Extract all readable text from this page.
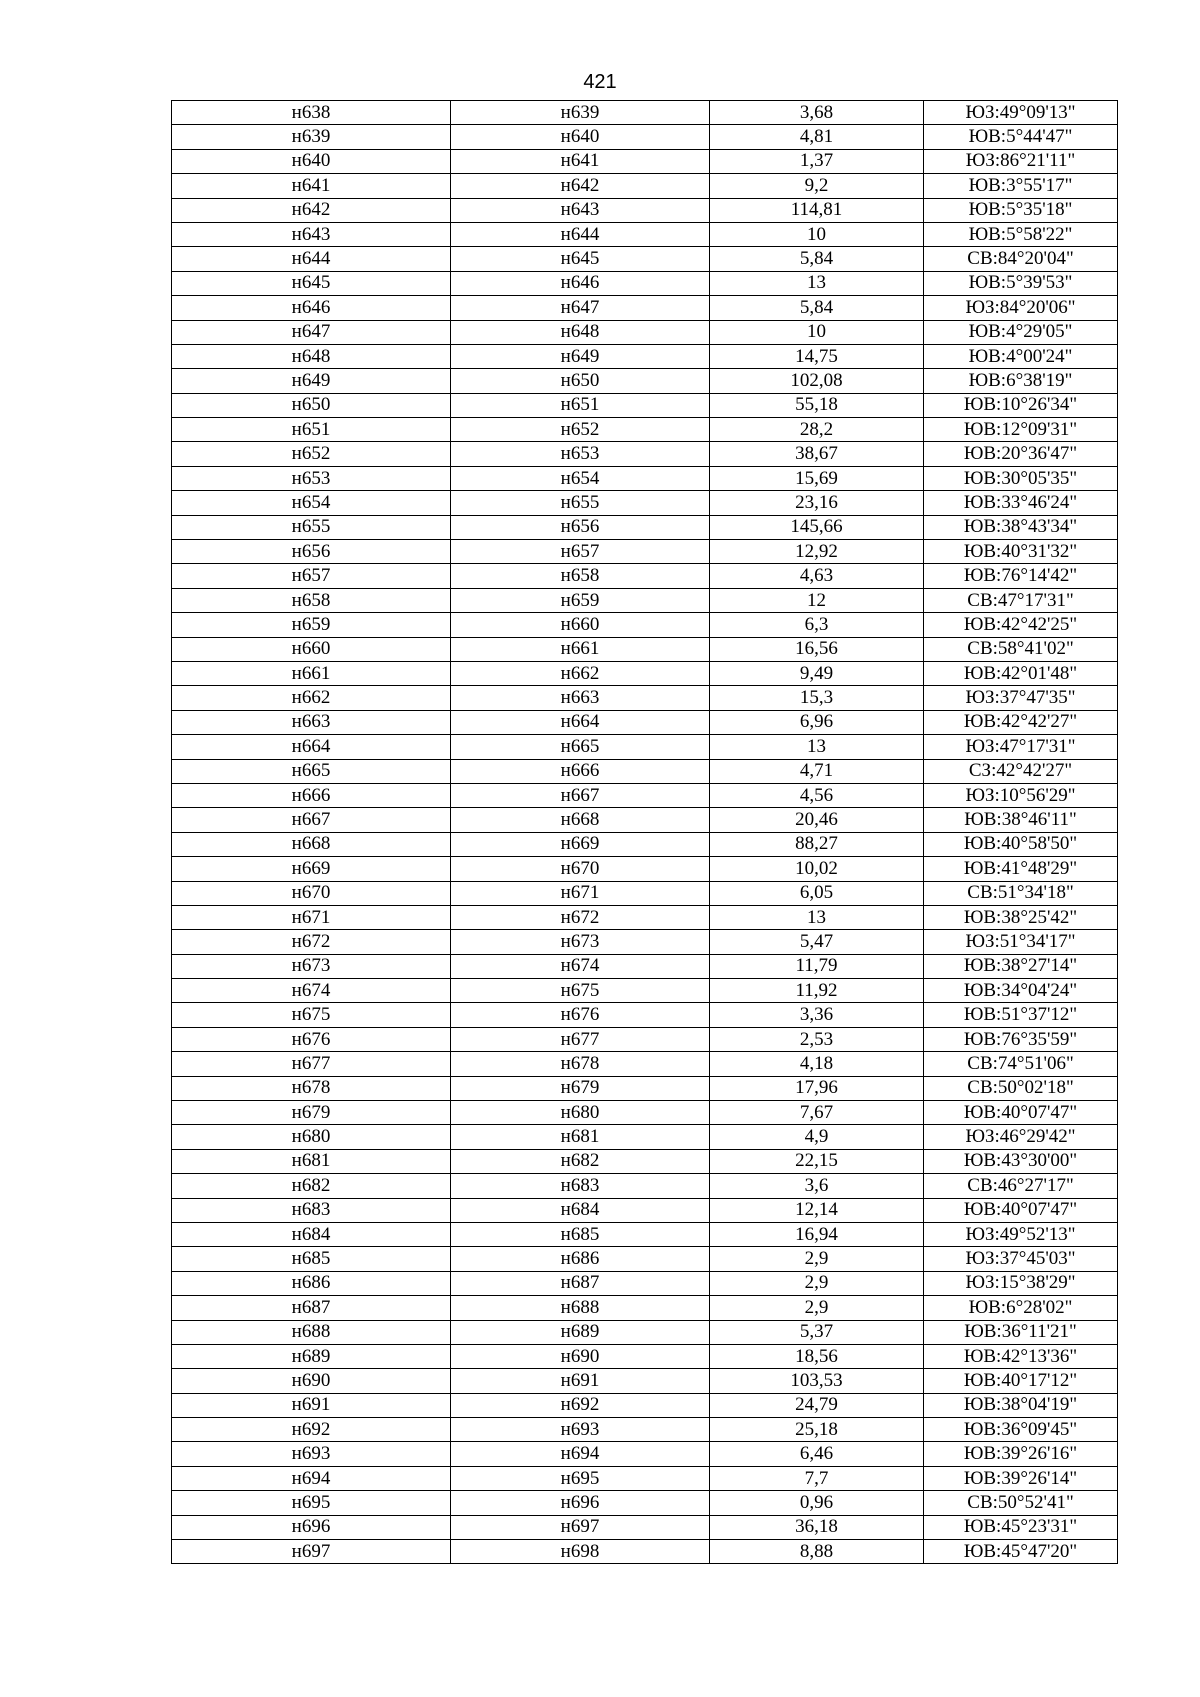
421
н638	н639	3,68	ЮЗ:49°09'13"
н639	н640	4,81	ЮВ:5°44'47"
н640	н641	1,37	ЮЗ:86°21'11"
н641	н642	9,2	ЮВ:3°55'17"
н642	н643	114,81	ЮВ:5°35'18"
н643	н644	10	ЮВ:5°58'22"
н644	н645	5,84	СВ:84°20'04"
н645	н646	13	ЮВ:5°39'53"
н646	н647	5,84	ЮЗ:84°20'06"
н647	н648	10	ЮВ:4°29'05"
н648	н649	14,75	ЮВ:4°00'24"
н649	н650	102,08	ЮВ:6°38'19"
н650	н651	55,18	ЮВ:10°26'34"
н651	н652	28,2	ЮВ:12°09'31"
н652	н653	38,67	ЮВ:20°36'47"
н653	н654	15,69	ЮВ:30°05'35"
н654	н655	23,16	ЮВ:33°46'24"
н655	н656	145,66	ЮВ:38°43'34"
н656	н657	12,92	ЮВ:40°31'32"
н657	н658	4,63	ЮВ:76°14'42"
н658	н659	12	СВ:47°17'31"
н659	н660	6,3	ЮВ:42°42'25"
н660	н661	16,56	СВ:58°41'02"
н661	н662	9,49	ЮВ:42°01'48"
н662	н663	15,3	ЮЗ:37°47'35"
н663	н664	6,96	ЮВ:42°42'27"
н664	н665	13	ЮЗ:47°17'31"
н665	н666	4,71	СЗ:42°42'27"
н666	н667	4,56	ЮЗ:10°56'29"
н667	н668	20,46	ЮВ:38°46'11"
н668	н669	88,27	ЮВ:40°58'50"
н669	н670	10,02	ЮВ:41°48'29"
н670	н671	6,05	СВ:51°34'18"
н671	н672	13	ЮВ:38°25'42"
н672	н673	5,47	ЮЗ:51°34'17"
н673	н674	11,79	ЮВ:38°27'14"
н674	н675	11,92	ЮВ:34°04'24"
н675	н676	3,36	ЮВ:51°37'12"
н676	н677	2,53	ЮВ:76°35'59"
н677	н678	4,18	СВ:74°51'06"
н678	н679	17,96	СВ:50°02'18"
н679	н680	7,67	ЮВ:40°07'47"
н680	н681	4,9	ЮЗ:46°29'42"
н681	н682	22,15	ЮВ:43°30'00"
н682	н683	3,6	СВ:46°27'17"
н683	н684	12,14	ЮВ:40°07'47"
н684	н685	16,94	ЮЗ:49°52'13"
н685	н686	2,9	ЮЗ:37°45'03"
н686	н687	2,9	ЮЗ:15°38'29"
н687	н688	2,9	ЮВ:6°28'02"
н688	н689	5,37	ЮВ:36°11'21"
н689	н690	18,56	ЮВ:42°13'36"
н690	н691	103,53	ЮВ:40°17'12"
н691	н692	24,79	ЮВ:38°04'19"
н692	н693	25,18	ЮВ:36°09'45"
н693	н694	6,46	ЮВ:39°26'16"
н694	н695	7,7	ЮВ:39°26'14"
н695	н696	0,96	СВ:50°52'41"
н696	н697	36,18	ЮВ:45°23'31"
н697	н698	8,88	ЮВ:45°47'20"
